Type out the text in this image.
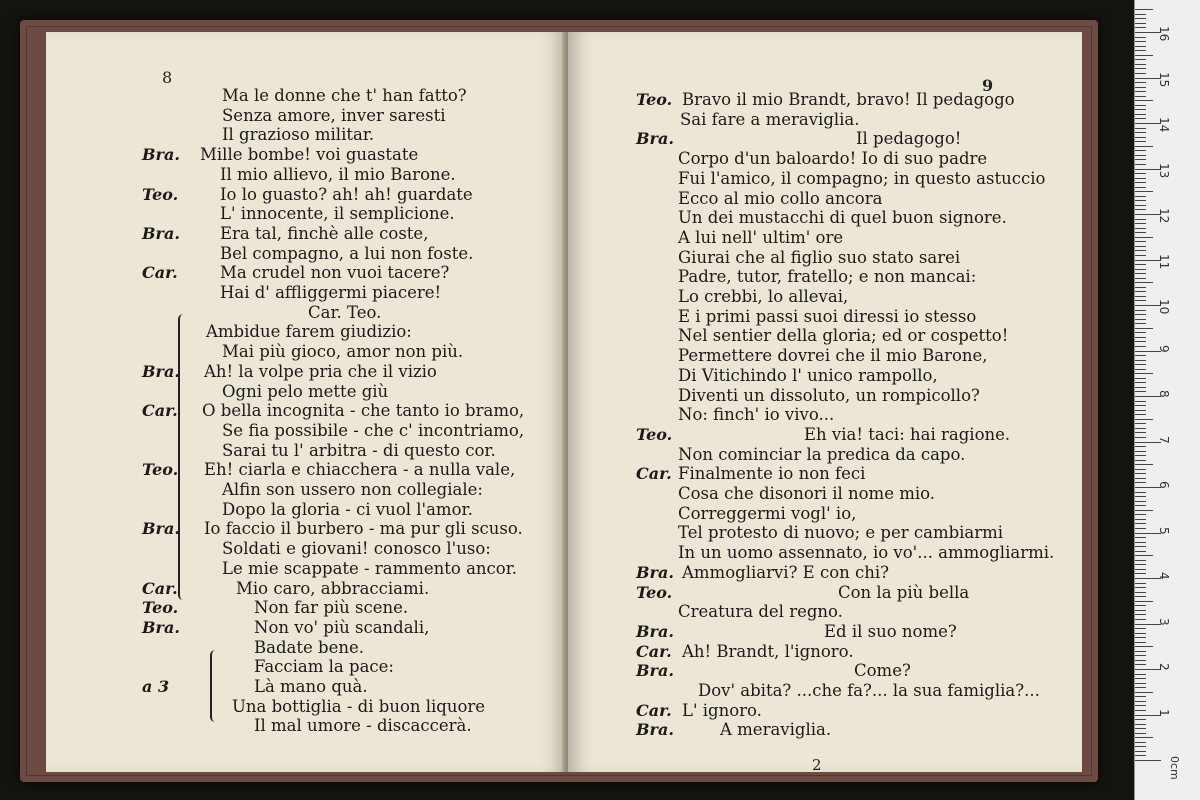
8
Ma le donne che t' han fatto?
Senza amore, inver saresti
Il grazioso militar.
Bra. Mille bombe! voi guastate
Il mio allievo, il mio Barone.
Teo.	Io lo guasto? ah! ah! guardate
L' innocente, il semplicione.
Bra. Era tal, finchè alle coste,
Bel compagno, a lui non foste.
Car.	Ma crudel non vuoi tacere?
Hai d' affliggermi piacere!
Car. Teo.
Ambidue farem giudizio:
Mai più gioco, amor non più.
Bra. Ah! la volpe pria che il vizio
Ogni pelo mette giù
Car. O bella incognita - che tanto io bramo,
Se fia possibile - che c' incontriamo,
Sarai tu l' arbitra - di questo cor.
Teo. Eh! ciarla e chiacchera - a nulla vale,
Alfin son ussero non collegiale:
Dopo la gloria - ci vuol l'amor.
Bra. Io faccio il burbero - ma pur gli scuso.
Soldati e giovani! conosco l'uso:
Le mie scappate - rammento ancor.
Car.	Mio caro, abbracciami.
Teo.	Non far più scene.
Bra.	Non vo' più scandali,
Badate bene.
Facciam la pace:
a 3	Là mano quà.
Una bottiglia - di buon liquore
Il mal umore - discaccerà.
9
Teo. Bravo il mio Brandt, bravo! Il pedagogo
Sai fare a meraviglia.
Bra.	Il pedagogo!
Corpo d'un baloardo! Io di suo padre
Fui l'amico, il compagno; in questo astuccio
Ecco al mio collo ancora
Un dei mustacchi di quel buon signore.
A lui nell' ultim' ore
Giurai che al figlio suo stato sarei
Padre, tutor, fratello; e non mancai:
Lo crebbi, lo allevai,
E i primi passi suoi diressi io stesso
Nel sentier della gloria; ed or cospetto!
Permettere dovrei che il mio Barone,
Di Vitichindo l' unico rampollo,
Diventi un dissoluto, un rompicollo?
No: finch' io vivo...
Teo.	Eh via! taci: hai ragione.
Non cominciar la predica da capo.
Car. Finalmente io non feci
Cosa che disonori il nome mio.
Correggermi vogl' io,
Tel protesto di nuovo; e per cambiarmi
In un uomo assennato, io vo'... ammogliarmi.
Bra. Ammogliarvi? E con chi?
Teo.	Con la più bella
Creatura del regno.
Bra.	Ed il suo nome?
Car. Ah! Brandt, l'ignoro.
Bra.	Come?
Dov' abita? ...che fa?... la sua famiglia?...
Car. L' ignoro.
Bra.	A meraviglia.
2
1
2
3
4
5
6
7
8
9
10
11
12
13
14
15
16
0cm
